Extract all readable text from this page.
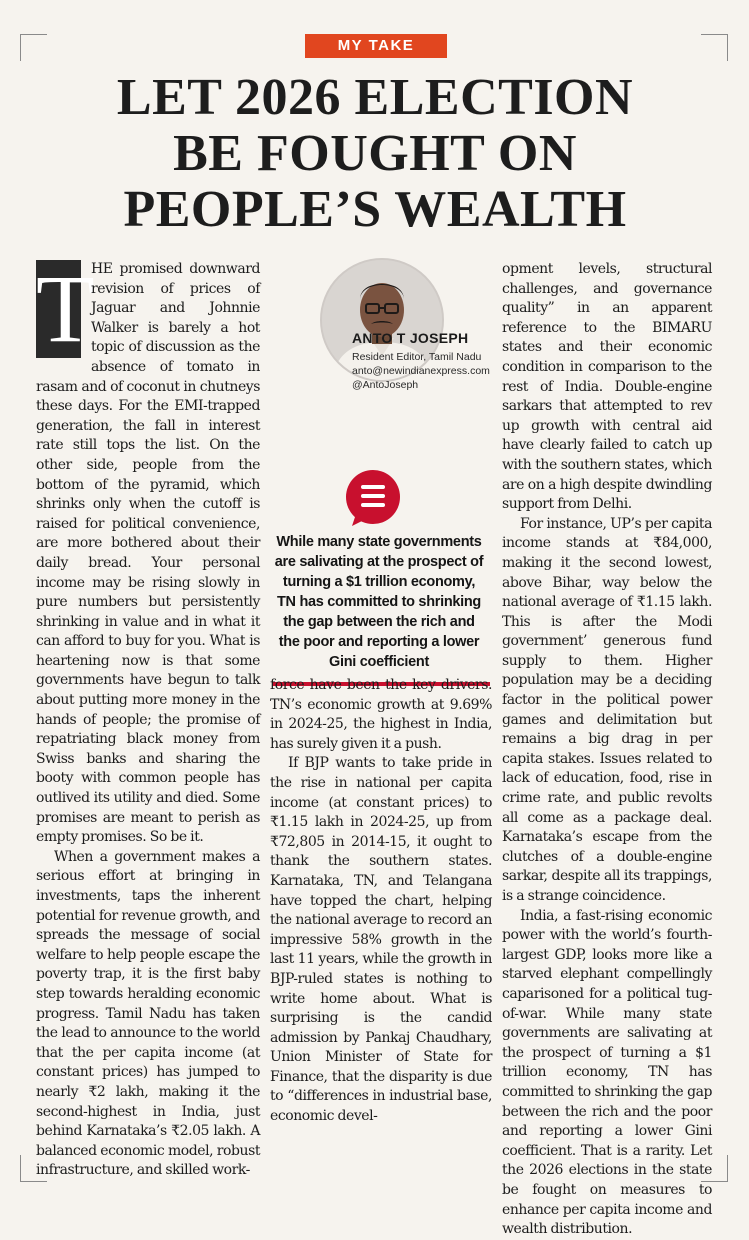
MY TAKE
LET 2026 ELECTION
BE FOUGHT ON
PEOPLE’S WEALTH
T

HE promised downward revision of prices of Jaguar and Johnnie Walker is barely a hot topic of discussion as the absence of tomato in rasam and of coconut in chutneys these days. For the EMI-trapped generation, the fall in interest rate still tops the list. On the other side, people from the bottom of the pyramid, which shrinks only when the cutoff is raised for political convenience, are more bothered about their daily bread. Your personal income may be rising slowly in pure numbers but persistently shrinking in value and in what it can afford to buy for you. What is heartening now is that some governments have begun to talk about putting more money in the hands of people; the promise of repatriating black money from Swiss banks and sharing the booty with common people has outlived its utility and died. Some promises are meant to perish as empty promises. So be it.

When a government makes a serious effort at bringing in investments, taps the inherent potential for revenue growth, and spreads the message of social welfare to help people escape the poverty trap, it is the first baby step towards heralding economic progress. Tamil Nadu has taken the lead to announce to the world that the per capita income (at constant prices) has jumped to nearly ₹2 lakh, making it the second-highest in India, just behind Karnataka’s ₹2.05 lakh. A balanced economic model, robust infrastructure, and skilled work-

ANTO T JOSEPH
Resident Editor, Tamil Nadu
anto@newindianexpress.com
@AntoJoseph
While many state governments are salivating at the prospect of turning a $1 trillion economy, TN has committed to shrinking the gap between the rich and the poor and reporting a lower Gini coefficient

force have been the key drivers. TN’s economic growth at 9.69% in 2024-25, the highest in India, has surely given it a push.

If BJP wants to take pride in the rise in national per capita income (at constant prices) to ₹1.15 lakh in 2024-25, up from ₹72,805 in 2014-15, it ought to thank the southern states. Karnataka, TN, and Telangana have topped the chart, helping the national average to record an impressive 58% growth in the last 11 years, while the growth in BJP-ruled states is nothing to write home about. What is surprising is the candid admission by Pankaj Chaudhary, Union Minister of State for Finance, that the disparity is due to “differences in industrial base, economic devel-

opment levels, structural challenges, and governance quality” in an apparent reference to the BIMARU states and their economic condition in comparison to the rest of India. Double-engine sarkars that attempted to rev up growth with central aid have clearly failed to catch up with the southern states, which are on a high despite dwindling support from Delhi.

For instance, UP’s per capita income stands at ₹84,000, making it the second lowest, above Bihar, way below the national average of ₹1.15 lakh. This is after the Modi government’ generous fund supply to them. Higher population may be a deciding factor in the political power games and delimitation but remains a big drag in per capita stakes. Issues related to lack of education, food, rise in crime rate, and public revolts all come as a package deal. Karnataka’s escape from the clutches of a double-engine sarkar, despite all its trappings, is a strange coincidence.

India, a fast-rising economic power with the world’s fourth-largest GDP, looks more like a starved elephant compellingly caparisoned for a political tug-of-war. While many state governments are salivating at the prospect of turning a $1 trillion economy, TN has committed to shrinking the gap between the rich and the poor and reporting a lower Gini coefficient. That is a rarity. Let the 2026 elections in the state be fought on measures to enhance per capita income and wealth distribution.
